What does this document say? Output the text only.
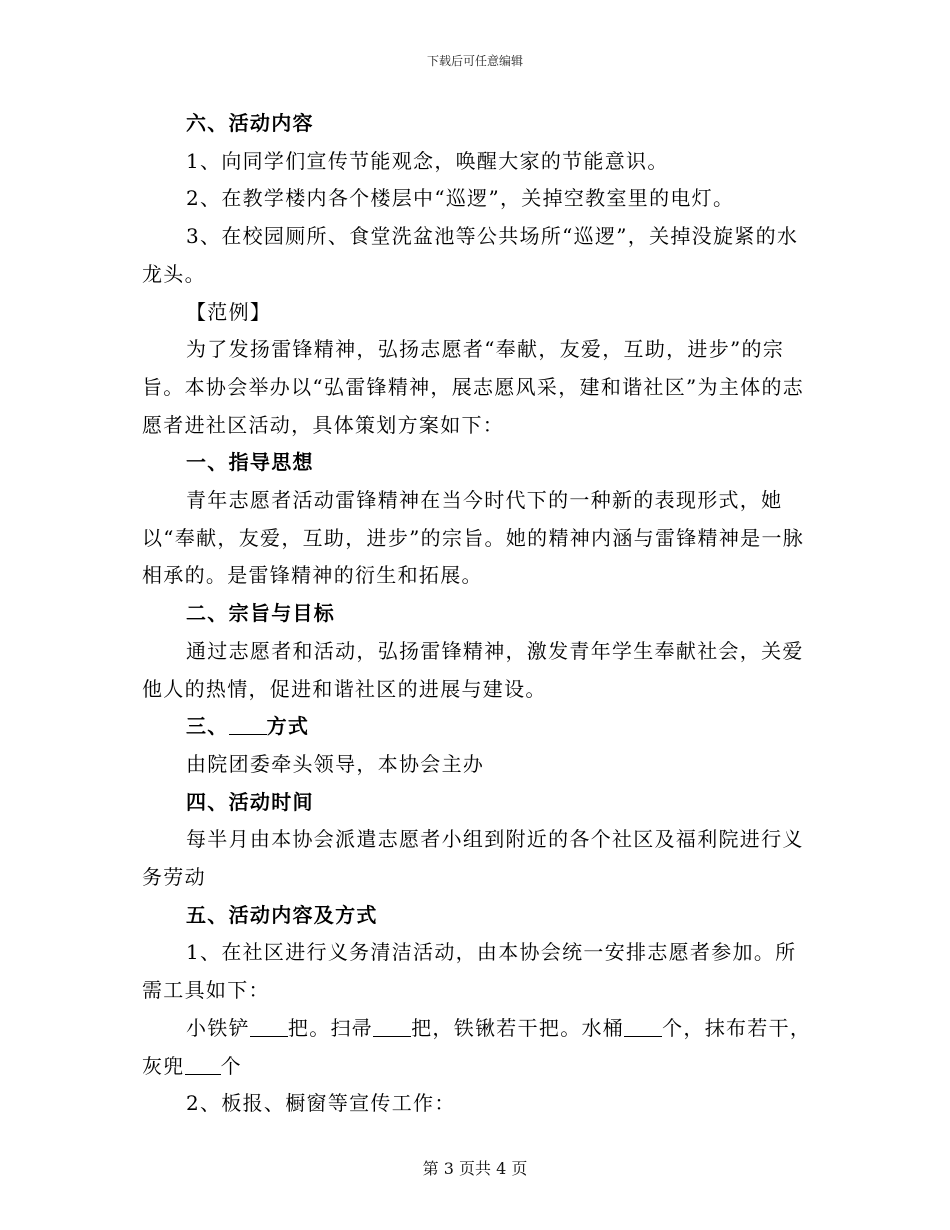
下载后可任意编辑

六、活动内容

1、向同学们宣传节能观念，唤醒大家的节能意识。

2、在教学楼内各个楼层中“巡逻”，关掉空教室里的电灯。

3、在校园厕所、食堂洗盆池等公共场所“巡逻”，关掉没旋紧的水龙头。

【范例】

为了发扬雷锋精神，弘扬志愿者“奉献，友爱，互助，进步”的宗旨。本协会举办以“弘雷锋精神，展志愿风采，建和谐社区”为主体的志愿者进社区活动，具体策划方案如下：

一、指导思想

青年志愿者活动雷锋精神在当今时代下的一种新的表现形式，她以“奉献，友爱，互助，进步”的宗旨。她的精神内涵与雷锋精神是一脉相承的。是雷锋精神的衍生和拓展。

二、宗旨与目标

通过志愿者和活动，弘扬雷锋精神，激发青年学生奉献社会，关爱他人的热情，促进和谐社区的进展与建设。

三、 方式

由院团委牵头领导，本协会主办

四、活动时间

每半月由本协会派遣志愿者小组到附近的各个社区及福利院进行义务劳动

五、活动内容及方式

1、在社区进行义务清洁活动，由本协会统一安排志愿者参加。所需工具如下：

小铁铲 把。扫帚 把，铁锹若干把。水桶 个，抹布若干，灰兜 个

2、板报、橱窗等宣传工作：

第 3 页共 4 页
